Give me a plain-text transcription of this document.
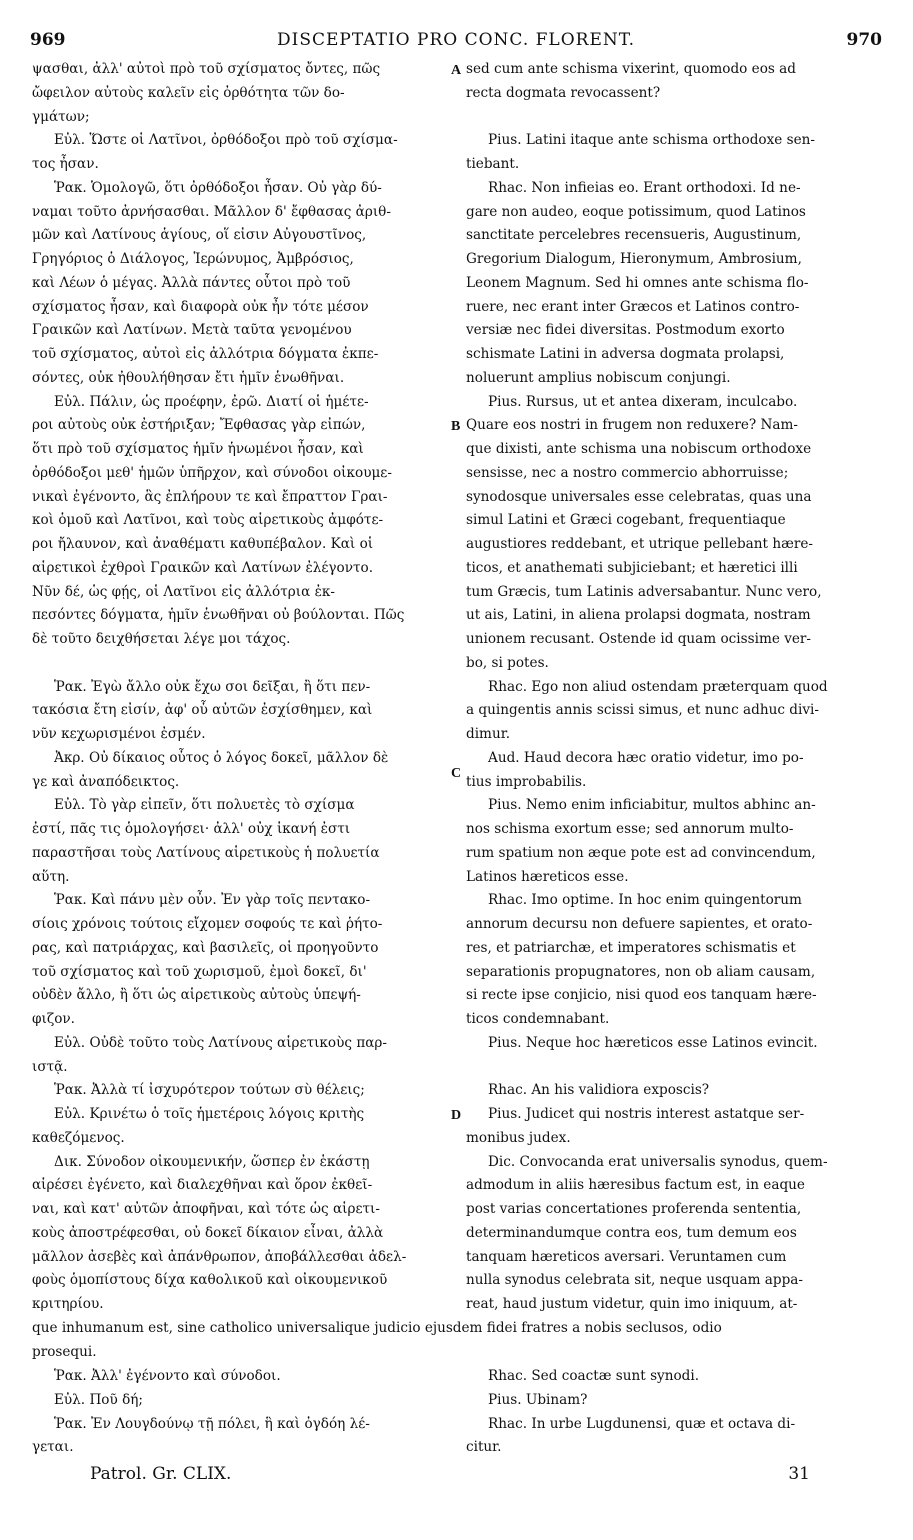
969	DISCEPTATIO PRO CONC. FLORENT.	970
ψασθαι, ἀλλ' αὐτοὶ πρὸ τοῦ σχίσματος ὄντες, πῶς
ὤφειλον αὐτοὺς καλεῖν εἰς ὀρθότητα τῶν δο-
γμάτων;
Εὐλ. Ὥστε οἱ Λατῖνοι, ὀρθόδοξοι πρὸ τοῦ σχίσμα-
τος ἦσαν.
Ῥακ. Ὁμολογῶ, ὅτι ὀρθόδοξοι ἦσαν. Οὐ γὰρ δύ-
ναμαι τοῦτο ἀρνήσασθαι. Μᾶλλον δ' ἔφθασας ἀριθ-
μῶν καὶ Λατίνους ἁγίους, οἵ εἰσιν Αὐγουστῖνος,
Γρηγόριος ὁ Διάλογος, Ἱερώνυμος, Ἀμβρόσιος,
καὶ Λέων ὁ μέγας. Ἀλλὰ πάντες οὗτοι πρὸ τοῦ
σχίσματος ἦσαν, καὶ διαφορὰ οὐκ ἦν τότε μέσον
Γραικῶν καὶ Λατίνων. Μετὰ ταῦτα γενομένου
τοῦ σχίσματος, αὐτοὶ εἰς ἀλλότρια δόγματα ἐκπε-
σόντες, οὐκ ἠθουλήθησαν ἔτι ἡμῖν ἑνωθῆναι.
Εὐλ. Πάλιν, ὡς προέφην, ἐρῶ. Διατί οἱ ἡμέτε-
ροι αὐτοὺς οὐκ ἐστήριξαν; Ἔφθασας γὰρ εἰπών,
ὅτι πρὸ τοῦ σχίσματος ἡμῖν ἡνωμένοι ἦσαν, καὶ
ὀρθόδοξοι μεθ' ἡμῶν ὑπῆρχον, καὶ σύνοδοι οἰκουμε-
νικαὶ ἐγένοντο, ἃς ἐπλήρουν τε καὶ ἔπραττον Γραι-
κοὶ ὁμοῦ καὶ Λατῖνοι, καὶ τοὺς αἱρετικοὺς ἀμφότε-
ροι ἤλαυνον, καὶ ἀναθέματι καθυπέβαλον. Καὶ οἱ
αἱρετικοὶ ἐχθροὶ Γραικῶν καὶ Λατίνων ἐλέγοντο.
Νῦν δέ, ὡς φῄς, οἱ Λατῖνοι εἰς ἀλλότρια ἐκ-
πεσόντες δόγματα, ἡμῖν ἑνωθῆναι οὐ βούλονται. Πῶς
δὲ τοῦτο δειχθήσεται λέγε μοι τάχος.
Ῥακ. Ἐγὼ ἄλλο οὐκ ἔχω σοι δεῖξαι, ἢ ὅτι πεν-
τακόσια ἔτη εἰσίν, ἀφ' οὗ αὐτῶν ἐσχίσθημεν, καὶ
νῦν κεχωρισμένοι ἐσμέν.
Ἀκρ. Οὐ δίκαιος οὗτος ὁ λόγος δοκεῖ, μᾶλλον δὲ
γε καὶ ἀναπόδεικτος.
Εὐλ. Τὸ γὰρ εἰπεῖν, ὅτι πολυετὲς τὸ σχίσμα
ἐστί, πᾶς τις ὁμολογήσει· ἀλλ' οὐχ ἱκανή ἐστι
παραστῆσαι τοὺς Λατίνους αἱρετικοὺς ἡ πολυετία
αὕτη.
Ῥακ. Καὶ πάνυ μὲν οὖν. Ἐν γὰρ τοῖς πεντακο-
σίοις χρόνοις τούτοις εἴχομεν σοφούς τε καὶ ῥήτο-
ρας, καὶ πατριάρχας, καὶ βασιλεῖς, οἱ προηγοῦντο
τοῦ σχίσματος καὶ τοῦ χωρισμοῦ, ἐμοὶ δοκεῖ, δι'
οὐδὲν ἄλλο, ἢ ὅτι ὡς αἱρετικοὺς αὐτοὺς ὑπεψή-
φιζον.
Εὐλ. Οὐδὲ τοῦτο τοὺς Λατίνους αἱρετικοὺς παρ-
ιστᾷ.
Ῥακ. Ἀλλὰ τί ἰσχυρότερον τούτων σὺ θέλεις;
Εὐλ. Κρινέτω ὁ τοῖς ἡμετέροις λόγοις κριτὴς
καθεζόμενος.
Δικ. Σύνοδον οἰκουμενικήν, ὥσπερ ἐν ἑκάστῃ
αἱρέσει ἐγένετο, καὶ διαλεχθῆναι καὶ ὅρον ἐκθεῖ-
ναι, καὶ κατ' αὐτῶν ἀποφῆναι, καὶ τότε ὡς αἱρετι-
κοὺς ἀποστρέφεσθαι, οὐ δοκεῖ δίκαιον εἶναι, ἀλλὰ
μᾶλλον ἀσεβὲς καὶ ἀπάνθρωπον, ἀποβάλλεσθαι ἀδελ-
φοὺς ὁμοπίστους δίχα καθολικοῦ καὶ οἰκουμενικοῦ
κριτηρίου.
sed cum ante schisma vixerint, quomodo eos ad
recta dogmata revocassent?
Pius. Latini itaque ante schisma orthodoxe sen-
tiebant.
Rhac. Non infieias eo. Erant orthodoxi. Id ne-
gare non audeo, eoque potissimum, quod Latinos
sanctitate percelebres recensueris, Augustinum,
Gregorium Dialogum, Hieronymum, Ambrosium,
Leonem Magnum. Sed hi omnes ante schisma flo-
ruere, nec erant inter Græcos et Latinos contro-
versiæ nec fidei diversitas. Postmodum exorto
schismate Latini in adversa dogmata prolapsi,
noluerunt amplius nobiscum conjungi.
Pius. Rursus, ut et antea dixeram, inculcabo.
Quare eos nostri in frugem non reduxere? Nam-
que dixisti, ante schisma una nobiscum orthodoxe
sensisse, nec a nostro commercio abhorruisse;
synodosque universales esse celebratas, quas una
simul Latini et Græci cogebant, frequentiaque
augustiores reddebant, et utrique pellebant hære-
ticos, et anathemati subjiciebant; et hæretici illi
tum Græcis, tum Latinis adversabantur. Nunc vero,
ut ais, Latini, in aliena prolapsi dogmata, nostram
unionem recusant. Ostende id quam ocissime ver-
bo, si potes.
Rhac. Ego non aliud ostendam præterquam quod
a quingentis annis scissi simus, et nunc adhuc divi-
dimur.
Aud. Haud decora hæc oratio videtur, imo po-
tius improbabilis.
Pius. Nemo enim inficiabitur, multos abhinc an-
nos schisma exortum esse; sed annorum multo-
rum spatium non æque pote est ad convincendum,
Latinos hæreticos esse.
Rhac. Imo optime. In hoc enim quingentorum
annorum decursu non defuere sapientes, et orato-
res, et patriarchæ, et imperatores schismatis et
separationis propugnatores, non ob aliam causam,
si recte ipse conjicio, nisi quod eos tanquam hære-
ticos condemnabant.
Pius. Neque hoc hæreticos esse Latinos evincit.
Rhac. An his validiora exposcis?
Pius. Judicet qui nostris interest astatque ser-
monibus judex.
Dic. Convocanda erat universalis synodus, quem-
admodum in aliis hæresibus factum est, in eaque
post varias concertationes proferenda sententia,
determinandumque contra eos, tum demum eos
tanquam hæreticos aversari. Veruntamen cum
nulla synodus celebrata sit, neque usquam appa-
reat, haud justum videtur, quin imo iniquum, at-
A
B
C
D
que inhumanum est, sine catholico universalique judicio ejusdem fidei fratres a nobis seclusos, odio
prosequi.
Ῥακ. Ἀλλ' ἐγένοντο καὶ σύνοδοι.
Εὐλ. Ποῦ δή;
Ῥακ. Ἐν Λουγδούνῳ τῇ πόλει, ἣ καὶ ὀγδόη λέ-
γεται.
Rhac. Sed coactæ sunt synodi.
Pius. Ubinam?
Rhac. In urbe Lugdunensi, quæ et octava di-
citur.
Patrol. Gr. CLIX.	31
